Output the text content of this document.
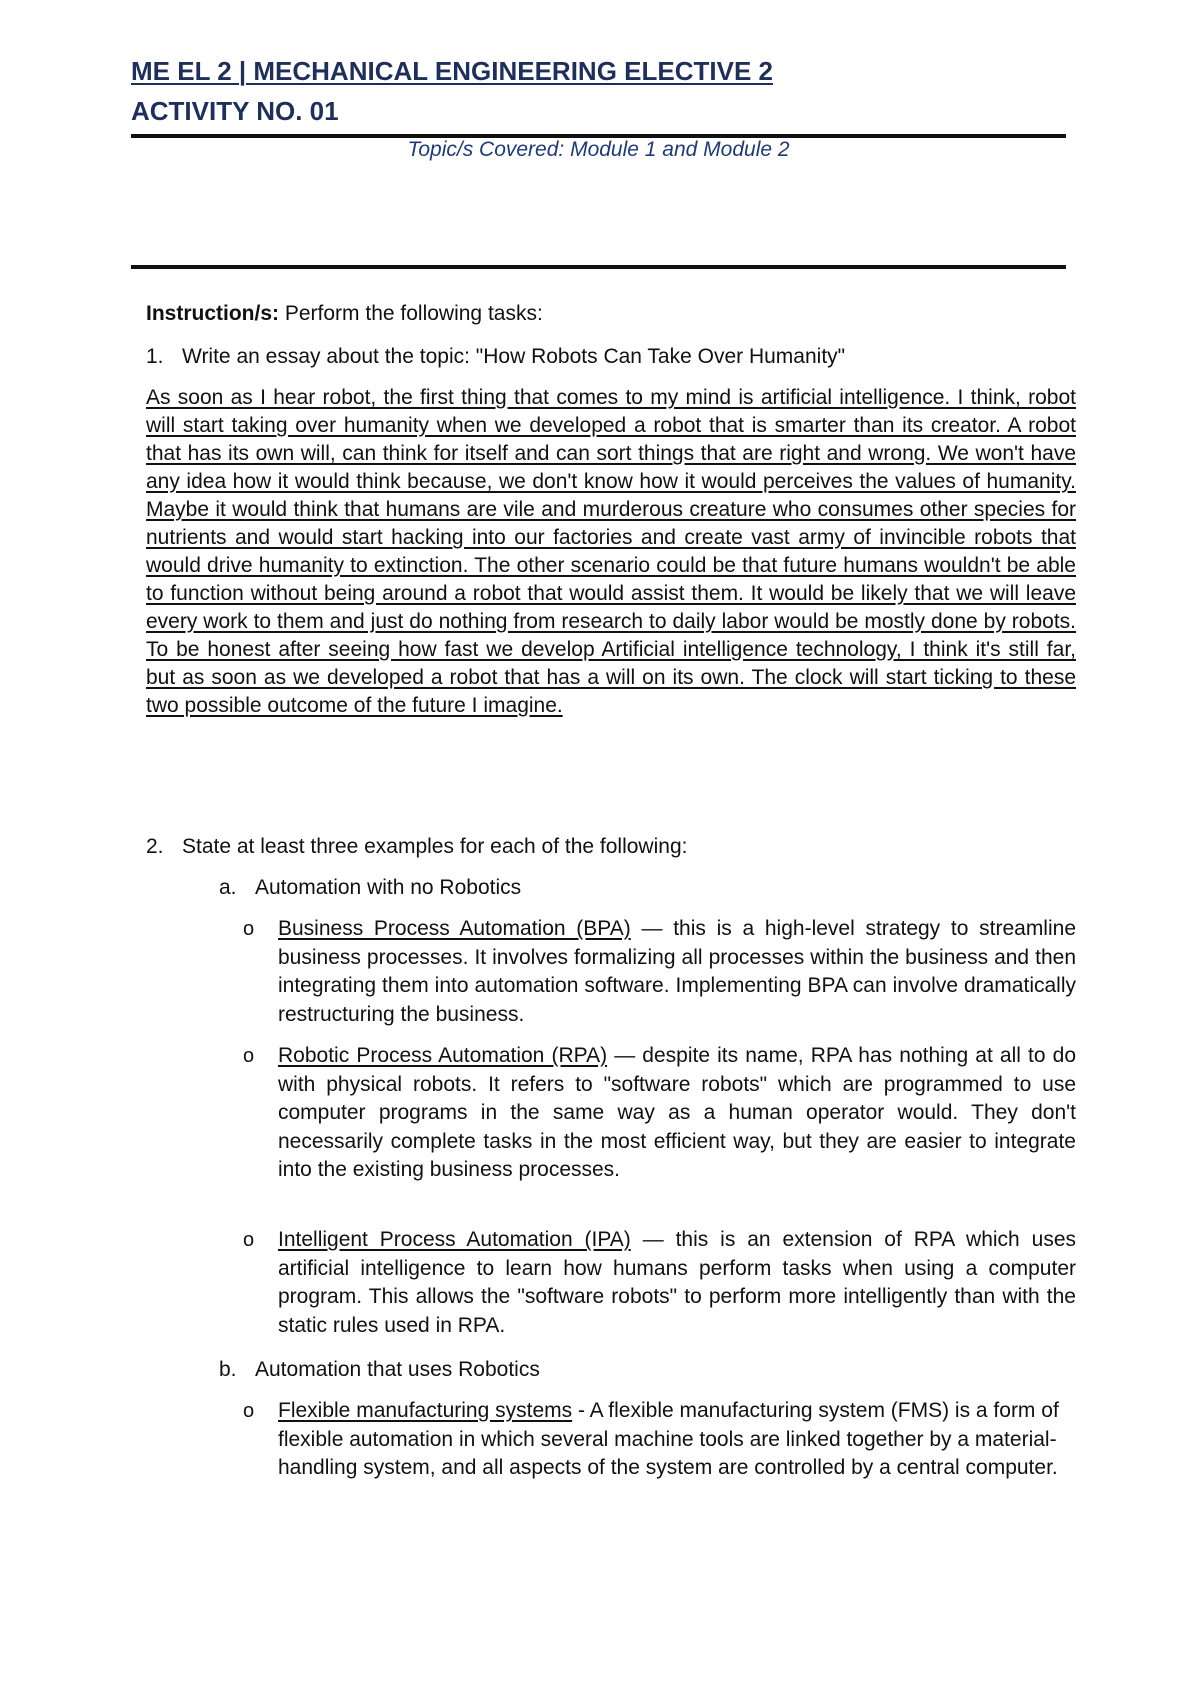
ME EL 2 | MECHANICAL ENGINEERING ELECTIVE 2
ACTIVITY NO. 01
Topic/s Covered: Module 1 and Module 2
Instruction/s: Perform the following tasks:
1. Write an essay about the topic: "How Robots Can Take Over Humanity"
As soon as I hear robot, the first thing that comes to my mind is artificial intelligence. I think, robot will start taking over humanity when we developed a robot that is smarter than its creator. A robot that has its own will, can think for itself and can sort things that are right and wrong. We won't have any idea how it would think because, we don't know how it would perceives the values of humanity. Maybe it would think that humans are vile and murderous creature who consumes other species for nutrients and would start hacking into our factories and create vast army of invincible robots that would drive humanity to extinction. The other scenario could be that future humans wouldn't be able to function without being around a robot that would assist them. It would be likely that we will leave every work to them and just do nothing from research to daily labor would be mostly done by robots. To be honest after seeing how fast we develop Artificial intelligence technology, I think it's still far, but as soon as we developed a robot that has a will on its own. The clock will start ticking to these two possible outcome of the future I imagine.
2. State at least three examples for each of the following:
a. Automation with no Robotics
o Business Process Automation (BPA) — this is a high-level strategy to streamline business processes. It involves formalizing all processes within the business and then integrating them into automation software. Implementing BPA can involve dramatically restructuring the business.
o Robotic Process Automation (RPA) — despite its name, RPA has nothing at all to do with physical robots. It refers to "software robots" which are programmed to use computer programs in the same way as a human operator would. They don't necessarily complete tasks in the most efficient way, but they are easier to integrate into the existing business processes.
o Intelligent Process Automation (IPA) — this is an extension of RPA which uses artificial intelligence to learn how humans perform tasks when using a computer program. This allows the "software robots" to perform more intelligently than with the static rules used in RPA.
b. Automation that uses Robotics
o Flexible manufacturing systems - A flexible manufacturing system (FMS) is a form of flexible automation in which several machine tools are linked together by a material-handling system, and all aspects of the system are controlled by a central computer.
